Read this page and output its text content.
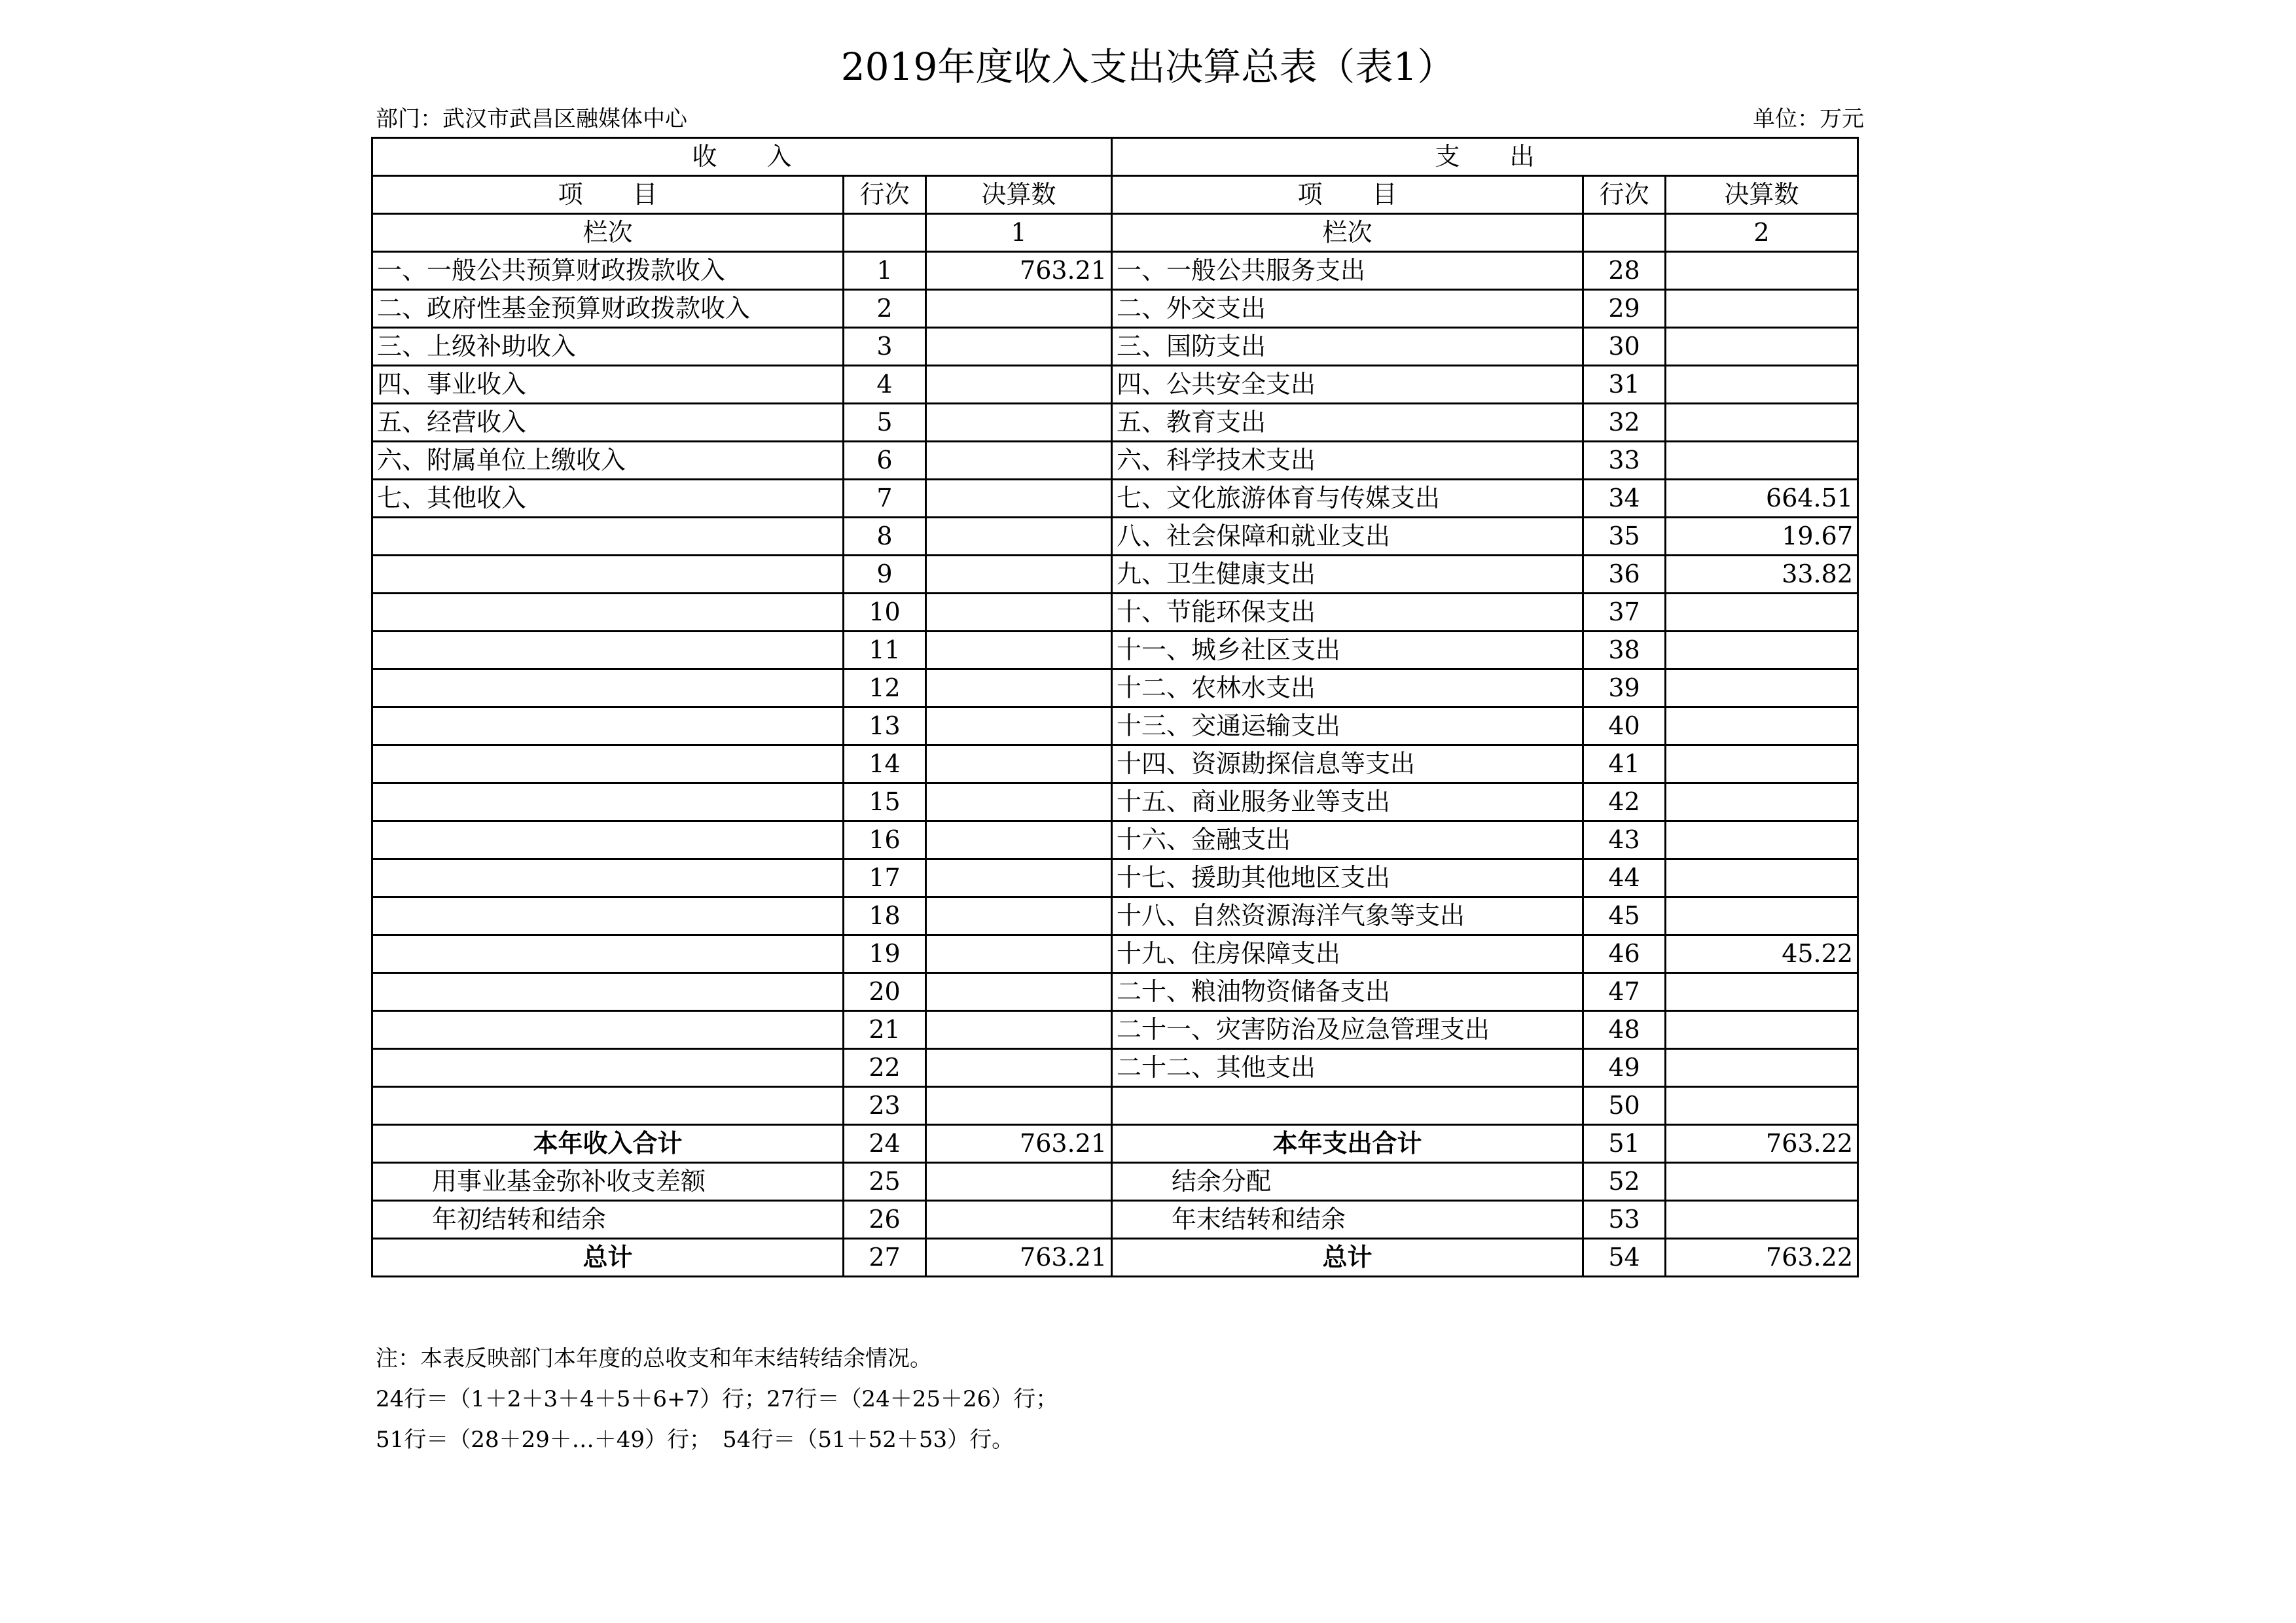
2019年度收入支出决算总表（表1）
部门：武汉市武昌区融媒体中心	单位：万元
收　　入			支　　出		
项　　目	行次	决算数	项　　目	行次	决算数
栏次		1	栏次		2
一、一般公共预算财政拨款收入	1	763.21	一、一般公共服务支出	28	
二、政府性基金预算财政拨款收入	2		二、外交支出	29	
三、上级补助收入	3		三、国防支出	30	
四、事业收入	4		四、公共安全支出	31	
五、经营收入	5		五、教育支出	32	
六、附属单位上缴收入	6		六、科学技术支出	33	
七、其他收入	7		七、文化旅游体育与传媒支出	34	664.51
	8		八、社会保障和就业支出	35	19.67
	9		九、卫生健康支出	36	33.82
	10		十、节能环保支出	37	
	11		十一、城乡社区支出	38	
	12		十二、农林水支出	39	
	13		十三、交通运输支出	40	
	14		十四、资源勘探信息等支出	41	
	15		十五、商业服务业等支出	42	
	16		十六、金融支出	43	
	17		十七、援助其他地区支出	44	
	18		十八、自然资源海洋气象等支出	45	
	19		十九、住房保障支出	46	45.22
	20		二十、粮油物资储备支出	47	
	21		二十一、灾害防治及应急管理支出	48	
	22		二十二、其他支出	49	
	23			50	
本年收入合计	24	763.21	本年支出合计	51	763.22
用事业基金弥补收支差额	25		结余分配	52	
年初结转和结余	26		年末结转和结余	53	
总计	27	763.21	总计	54	763.22
注：本表反映部门本年度的总收支和年末结转结余情况。
24行＝（1＋2＋3＋4＋5＋6+7）行；27行＝（24＋25＋26）行；
51行＝（28＋29＋…＋49）行；　54行＝（51＋52＋53）行。
